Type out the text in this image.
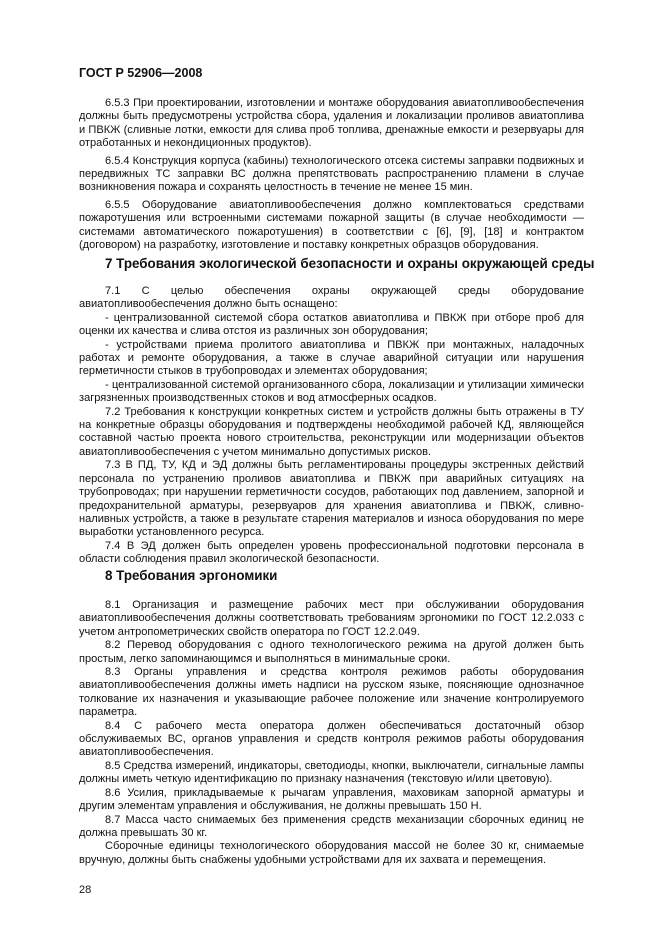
ГОСТ Р 52906—2008

6.5.3 При проектировании, изготовлении и монтаже оборудования авиатопливообеспечения должны быть предусмотрены устройства сбора, удаления и локализации проливов авиатоплива и ПВКЖ (сливные лотки, емкости для слива проб топлива, дренажные емкости и резервуары для отработанных и некондиционных продуктов).

6.5.4 Конструкция корпуса (кабины) технологического отсека системы заправки подвижных и передвижных ТС заправки ВС должна препятствовать распространению пламени в случае возникновения пожара и сохранять целостность в течение не менее 15 мин.

6.5.5 Оборудование авиатопливообеспечения должно комплектоваться средствами пожаротушения или встроенными системами пожарной защиты (в случае необходимости — системами автоматического пожаротушения) в соответствии с [6], [9], [18] и контрактом (договором) на разработку, изготовление и поставку конкретных образцов оборудования.

7 Требования экологической безопасности и охраны окружающей среды

7.1 С целью обеспечения охраны окружающей среды оборудование авиатопливообеспечения должно быть оснащено:

- централизованной системой сбора остатков авиатоплива и ПВКЖ при отборе проб для оценки их качества и слива отстоя из различных зон оборудования;

- устройствами приема пролитого авиатоплива и ПВКЖ при монтажных, наладочных работах и ремонте оборудования, а также в случае аварийной ситуации или нарушения герметичности стыков в трубопроводах и элементах оборудования;

- централизованной системой организованного сбора, локализации и утилизации химически загрязненных производственных стоков и вод атмосферных осадков.

7.2 Требования к конструкции конкретных систем и устройств должны быть отражены в ТУ на конкретные образцы оборудования и подтверждены необходимой рабочей КД, являющейся составной частью проекта нового строительства, реконструкции или модернизации объектов авиатопливообеспечения с учетом минимально допустимых рисков.

7.3 В ПД, ТУ, КД и ЭД должны быть регламентированы процедуры экстренных действий персонала по устранению проливов авиатоплива и ПВКЖ при аварийных ситуациях на трубопроводах; при нарушении герметичности сосудов, работающих под давлением, запорной и предохранительной арматуры, резервуаров для хранения авиатоплива и ПВКЖ, сливно-наливных устройств, а также в результате старения материалов и износа оборудования по мере выработки установленного ресурса.

7.4 В ЭД должен быть определен уровень профессиональной подготовки персонала в области соблюдения правил экологической безопасности.

8 Требования эргономики

8.1 Организация и размещение рабочих мест при обслуживании оборудования авиатопливообеспечения должны соответствовать требованиям эргономики по ГОСТ 12.2.033 с учетом антропометрических свойств оператора по ГОСТ 12.2.049.

8.2 Перевод оборудования с одного технологического режима на другой должен быть простым, легко запоминающимся и выполняться в минимальные сроки.

8.3 Органы управления и средства контроля режимов работы оборудования авиатопливообеспечения должны иметь надписи на русском языке, поясняющие однозначное толкование их назначения и указывающие рабочее положение или значение контролируемого параметра.

8.4 С рабочего места оператора должен обеспечиваться достаточный обзор обслуживаемых ВС, органов управления и средств контроля режимов работы оборудования авиатопливообеспечения.

8.5 Средства измерений, индикаторы, светодиоды, кнопки, выключатели, сигнальные лампы должны иметь четкую идентификацию по признаку назначения (текстовую и/или цветовую).

8.6 Усилия, прикладываемые к рычагам управления, маховикам запорной арматуры и другим элементам управления и обслуживания, не должны превышать 150 Н.

8.7 Масса часто снимаемых без применения средств механизации сборочных единиц не должна превышать 30 кг.

Сборочные единицы технологического оборудования массой не более 30 кг, снимаемые вручную, должны быть снабжены удобными устройствами для их захвата и перемещения.

28
